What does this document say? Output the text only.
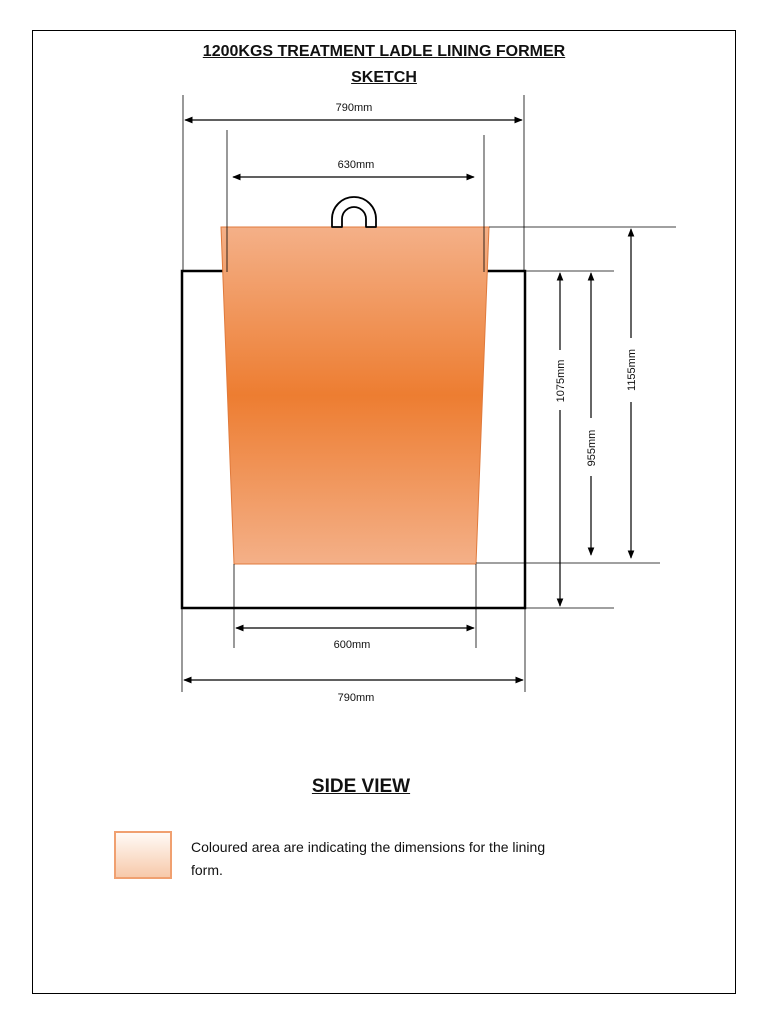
1200KGS TREATMENT LADLE LINING FORMER
SKETCH
790mm
630mm
600mm
790mm
1075mm
955mm
1155mm
SIDE VIEW

Coloured area are indicating the dimensions for the lining form.
